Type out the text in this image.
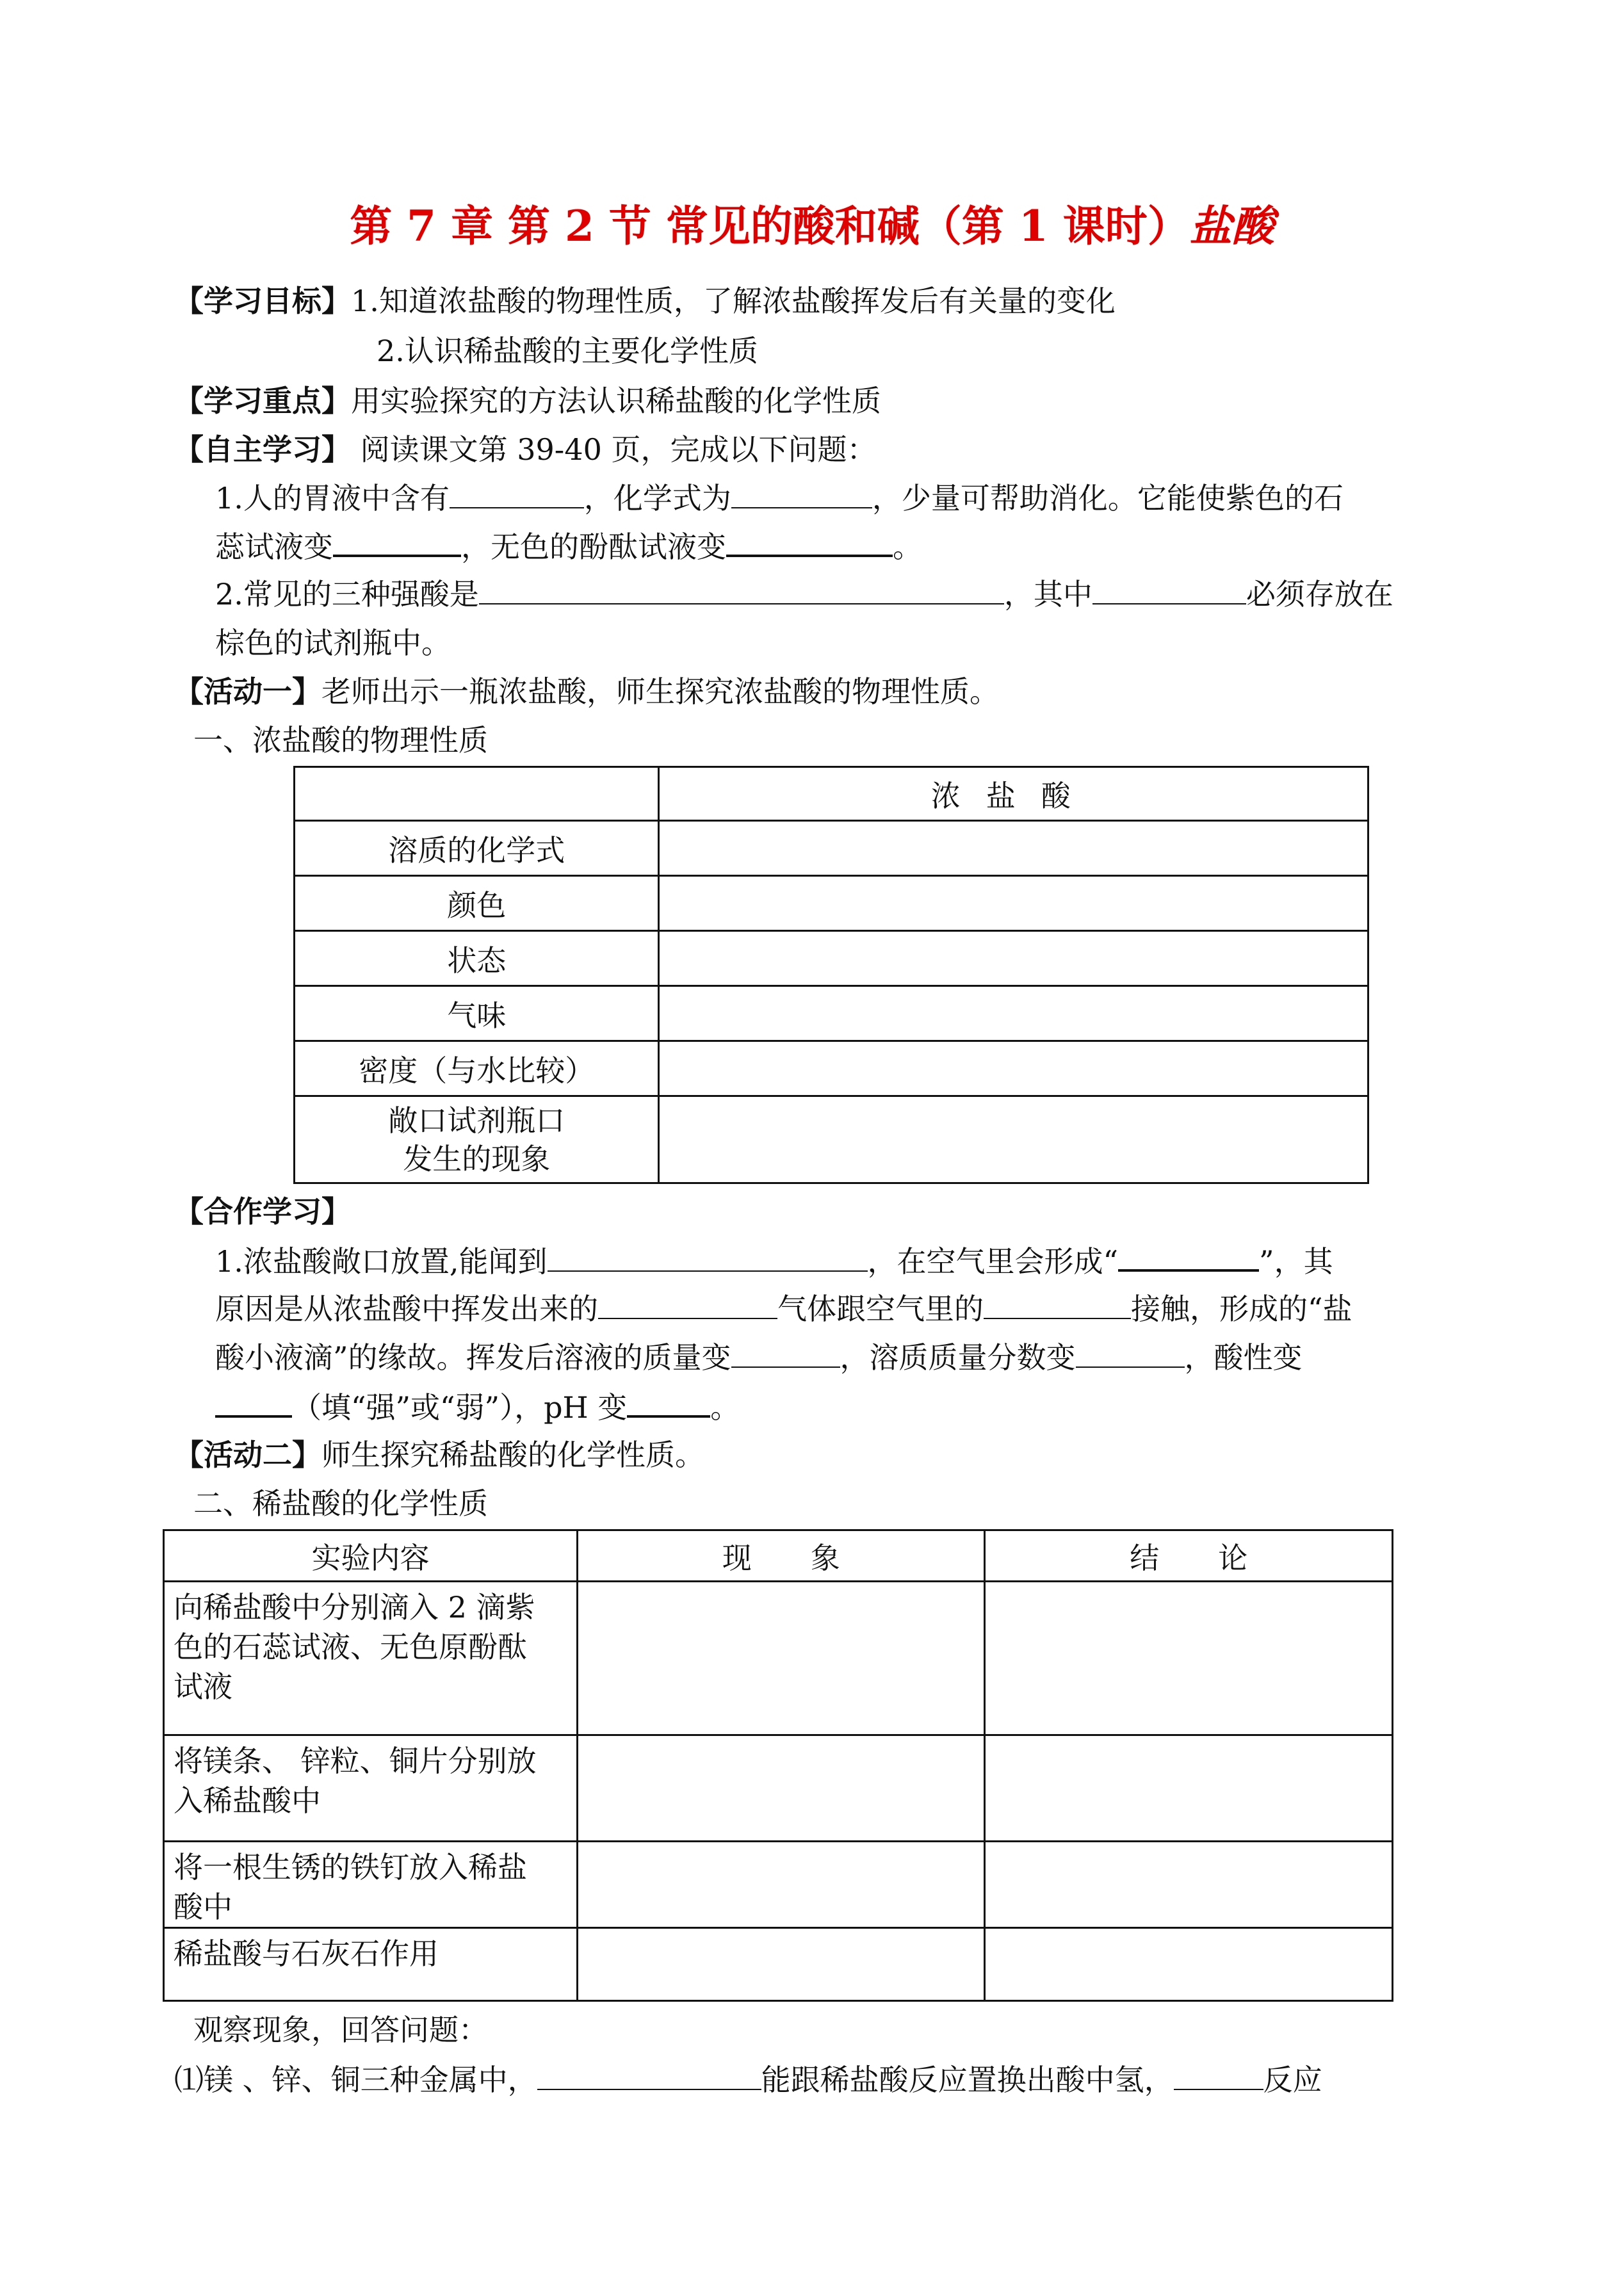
第 7 章 第 2 节 常见的酸和碱（第 1 课时）盐酸
【学习目标】1.知道浓盐酸的物理性质，了解浓盐酸挥发后有关量的变化
2.认识稀盐酸的主要化学性质
【学习重点】用实验探究的方法认识稀盐酸的化学性质
【自主学习】 阅读课文第 39-40 页，完成以下问题：
1.人的胃液中含有	，化学式为	，少量可帮助消化。它能使紫色的石
蕊试液变	，无色的酚酞试液变	。
2.常见的三种强酸是	，其中	必须存放在
棕色的试剂瓶中。
【活动一】老师出示一瓶浓盐酸，师生探究浓盐酸的物理性质。
一、浓盐酸的物理性质
	浓盐酸
溶质的化学式	
颜色	
状态	
气味	
密度（与水比较）	

敞口试剂瓶口
发生的现象	

【合作学习】
1.浓盐酸敞口放置,能闻到	，在空气里会形成“	”，其
原因是从浓盐酸中挥发出来的	气体跟空气里的	接触，形成的“盐
酸小液滴”的缘故。挥发后溶液的质量变	，溶质质量分数变	，酸性变
（填“强”或“弱”），pH 变	。
【活动二】师生探究稀盐酸的化学性质。
二、稀盐酸的化学性质
实验内容	现　　象	结　　论

向稀盐酸中分别滴入 2 滴紫
色的石蕊试液、无色原酚酞
试液		

将镁条、 锌粒、铜片分别放
入稀盐酸中		

将一根生锈的铁钉放入稀盐
酸中		

稀盐酸与石灰石作用		

观察现象，回答问题：
⑴镁 、锌、铜三种金属中，	能跟稀盐酸反应置换出酸中氢，	反应
